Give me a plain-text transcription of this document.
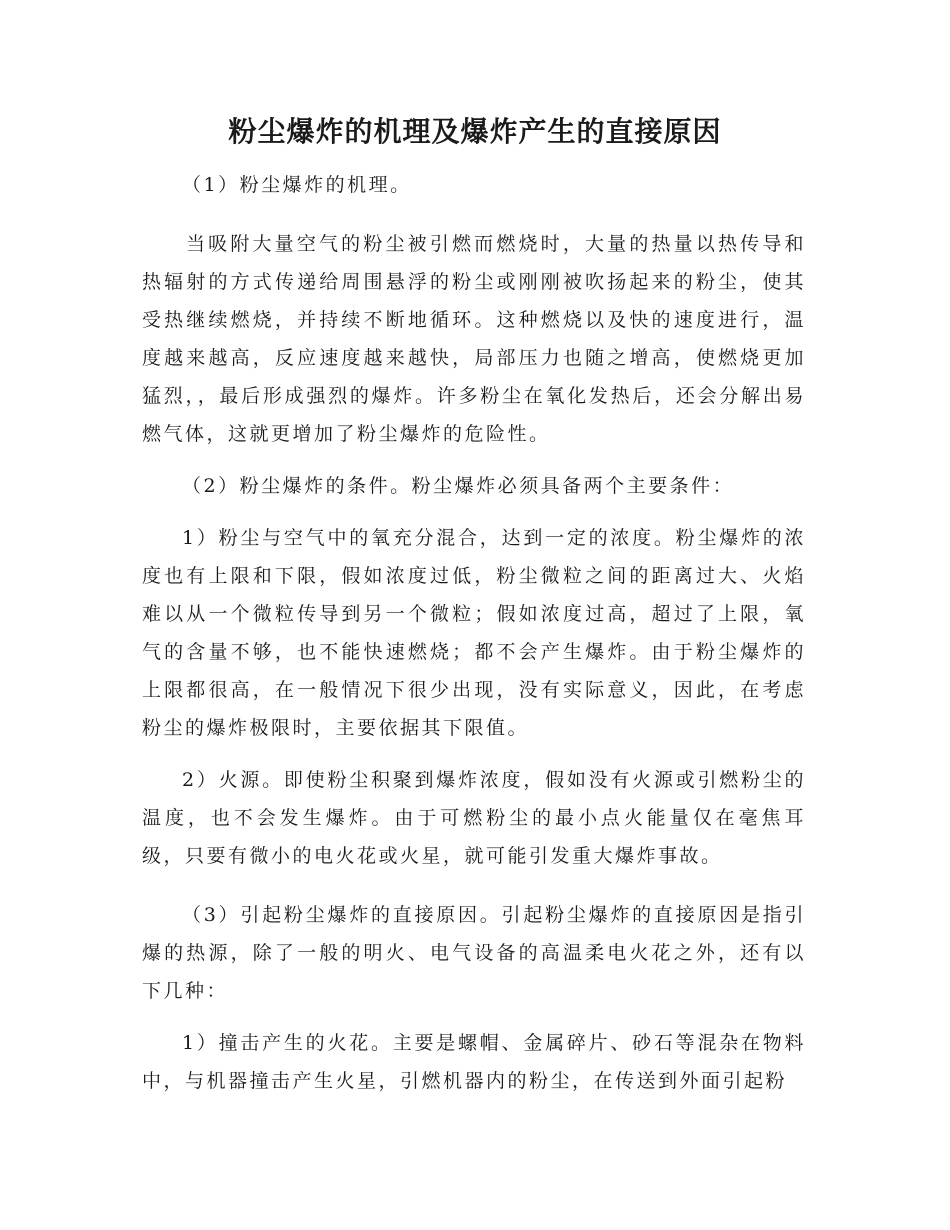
粉尘爆炸的机理及爆炸产生的直接原因

（1）粉尘爆炸的机理。

当吸附大量空气的粉尘被引燃而燃烧时，大量的热量以热传导和热辐射的方式传递给周围悬浮的粉尘或刚刚被吹扬起来的粉尘，使其受热继续燃烧，并持续不断地循环。这种燃烧以及快的速度进行，温度越来越高，反应速度越来越快，局部压力也随之增高，使燃烧更加猛烈，，最后形成强烈的爆炸。许多粉尘在氧化发热后，还会分解出易燃气体，这就更增加了粉尘爆炸的危险性。

（2）粉尘爆炸的条件。粉尘爆炸必须具备两个主要条件：

1）粉尘与空气中的氧充分混合，达到一定的浓度。粉尘爆炸的浓度也有上限和下限，假如浓度过低，粉尘微粒之间的距离过大、火焰难以从一个微粒传导到另一个微粒；假如浓度过高，超过了上限，氧气的含量不够，也不能快速燃烧；都不会产生爆炸。由于粉尘爆炸的上限都很高，在一般情况下很少出现，没有实际意义，因此，在考虑粉尘的爆炸极限时，主要依据其下限值。

2）火源。即使粉尘积聚到爆炸浓度，假如没有火源或引燃粉尘的温度，也不会发生爆炸。由于可燃粉尘的最小点火能量仅在毫焦耳级，只要有微小的电火花或火星，就可能引发重大爆炸事故。

（3）引起粉尘爆炸的直接原因。引起粉尘爆炸的直接原因是指引爆的热源，除了一般的明火、电气设备的高温柔电火花之外，还有以下几种：

1）撞击产生的火花。主要是螺帽、金属碎片、砂石等混杂在物料中，与机器撞击产生火星，引燃机器内的粉尘，在传送到外面引起粉
